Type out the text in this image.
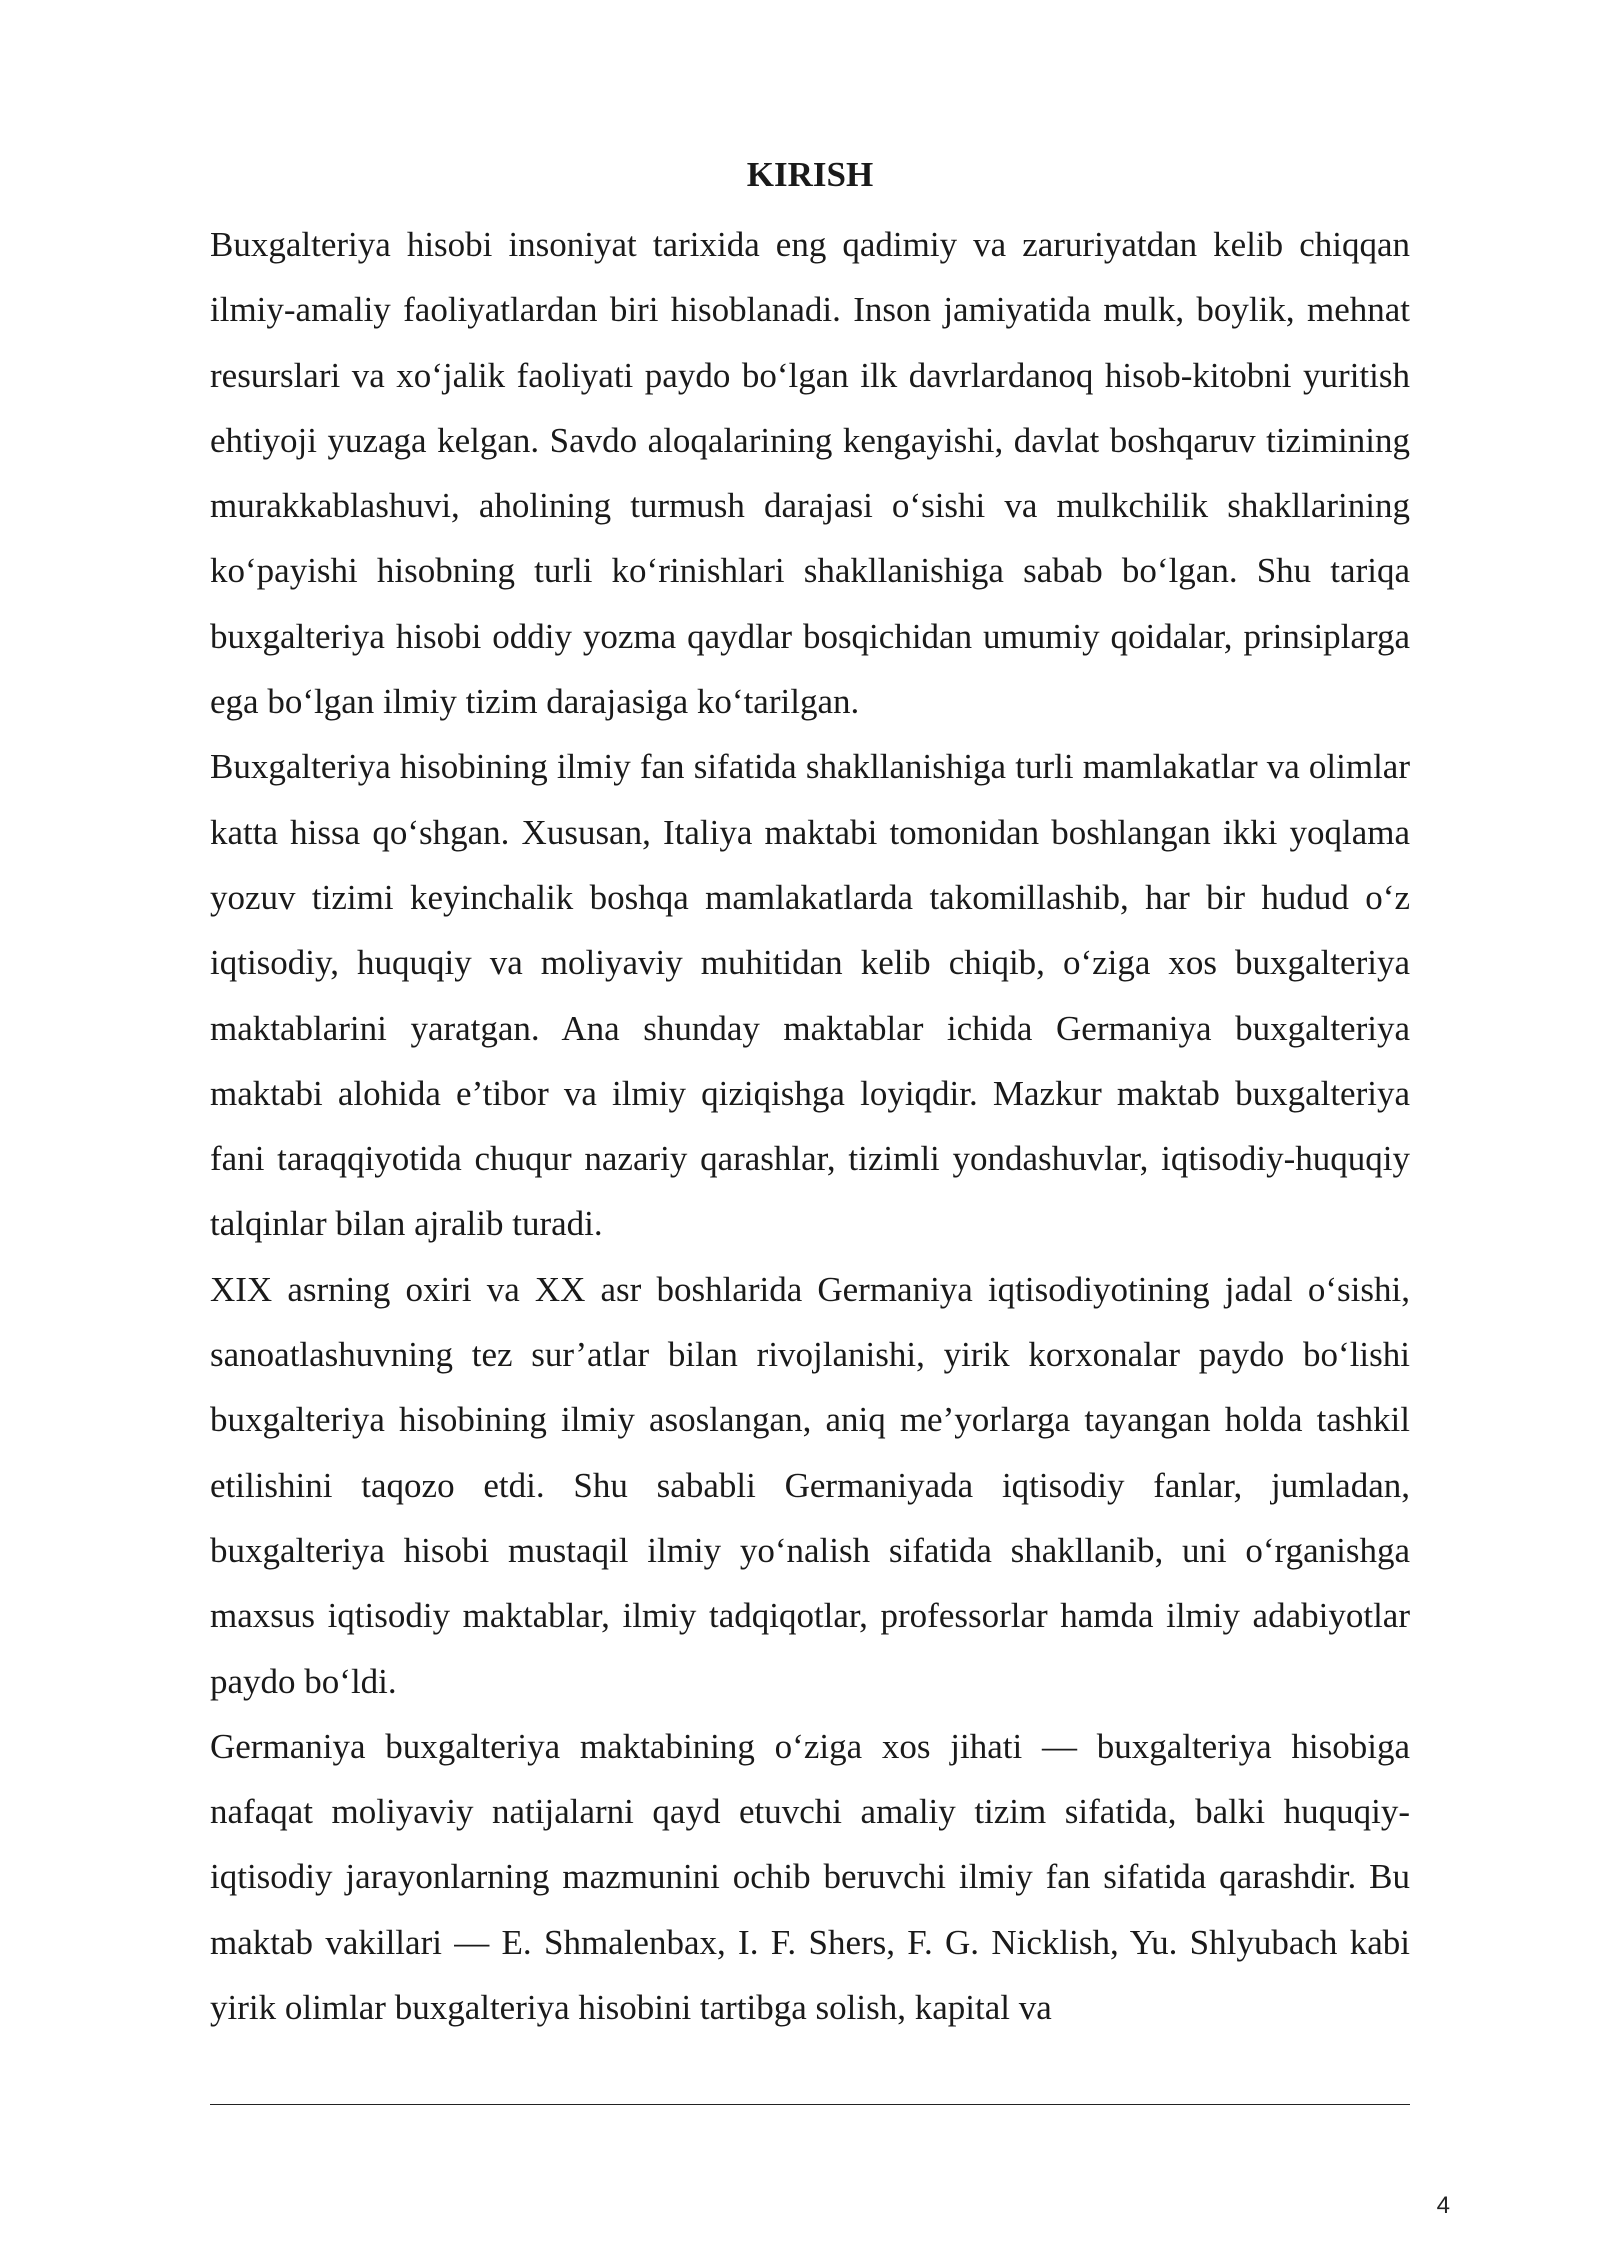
KIRISH

Buxgalteriya hisobi insoniyat tarixida eng qadimiy va zaruriyatdan kelib chiqqan ilmiy-amaliy faoliyatlardan biri hisoblanadi. Inson jamiyatida mulk, boylik, mehnat resurslari va xo‘jalik faoliyati paydo bo‘lgan ilk davrlardanoq hisob-kitobni yuritish ehtiyoji yuzaga kelgan. Savdo aloqalarining kengayishi, davlat boshqaruv tizimining murakkablashuvi, aholining turmush darajasi o‘sishi va mulkchilik shakllarining ko‘payishi hisobning turli ko‘rinishlari shakllanishiga sabab bo‘lgan. Shu tariqa buxgalteriya hisobi oddiy yozma qaydlar bosqichidan umumiy qoidalar, prinsiplarga ega bo‘lgan ilmiy tizim darajasiga ko‘tarilgan.

Buxgalteriya hisobining ilmiy fan sifatida shakllanishiga turli mamlakatlar va olimlar katta hissa qo‘shgan. Xususan, Italiya maktabi tomonidan boshlangan ikki yoqlama yozuv tizimi keyinchalik boshqa mamlakatlarda takomillashib, har bir hudud o‘z iqtisodiy, huquqiy va moliyaviy muhitidan kelib chiqib, o‘ziga xos buxgalteriya maktablarini yaratgan. Ana shunday maktablar ichida Germaniya buxgalteriya maktabi alohida e’tibor va ilmiy qiziqishga loyiqdir. Mazkur maktab buxgalteriya fani taraqqiyotida chuqur nazariy qarashlar, tizimli yondashuvlar, iqtisodiy-huquqiy talqinlar bilan ajralib turadi.

XIX asrning oxiri va XX asr boshlarida Germaniya iqtisodiyotining jadal o‘sishi, sanoatlashuvning tez sur’atlar bilan rivojlanishi, yirik korxonalar paydo bo‘lishi buxgalteriya hisobining ilmiy asoslangan, aniq me’yorlarga tayangan holda tashkil etilishini taqozo etdi. Shu sababli Germaniyada iqtisodiy fanlar, jumladan, buxgalteriya hisobi mustaqil ilmiy yo‘nalish sifatida shakllanib, uni o‘rganishga maxsus iqtisodiy maktablar, ilmiy tadqiqotlar, professorlar hamda ilmiy adabiyotlar paydo bo‘ldi.

Germaniya buxgalteriya maktabining o‘ziga xos jihati — buxgalteriya hisobiga nafaqat moliyaviy natijalarni qayd etuvchi amaliy tizim sifatida, balki huquqiy-iqtisodiy jarayonlarning mazmunini ochib beruvchi ilmiy fan sifatida qarashdir. Bu maktab vakillari — E. Shmalenbax, I. F. Shers, F. G. Nicklish, Yu. Shlyubach kabi yirik olimlar buxgalteriya hisobini tartibga solish, kapital va

4
